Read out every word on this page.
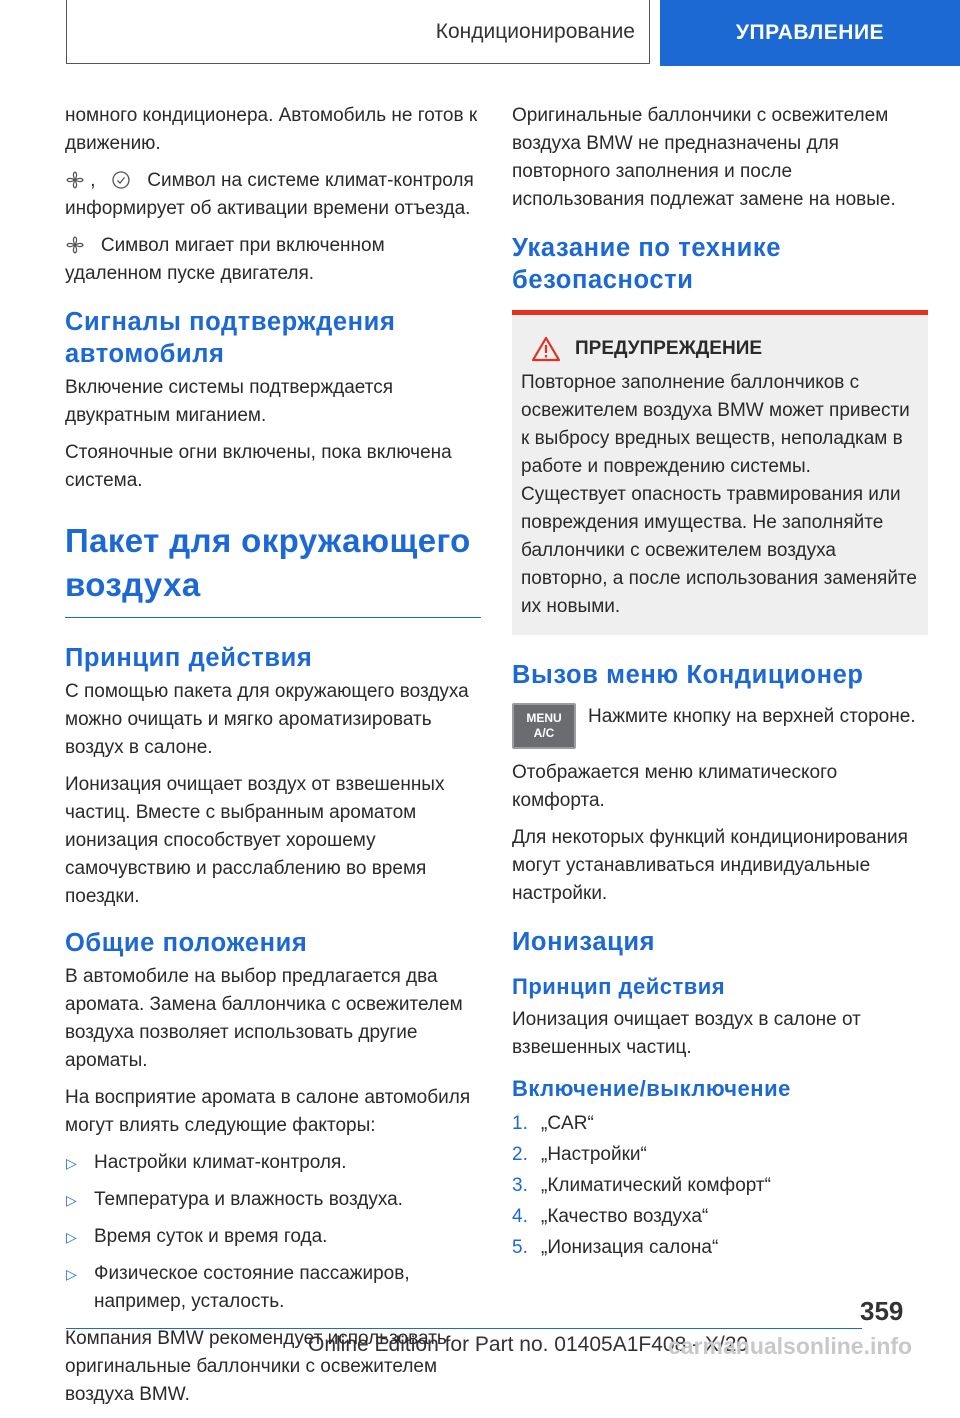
Кондиционирование	УПРАВЛЕНИЕ

номного кондиционера. Автомобиль не готов к движению.

,	Символ на системе климат-контроля информирует об активации времени отъезда.

Символ мигает при включенном удаленном пуске двигателя.

Сигналы подтверждения автомобиля

Включение системы подтверждается двукратным миганием.

Стояночные огни включены, пока включена система.

Пакет для окружающего воздуха
Принцип действия

С помощью пакета для окружающего воздуха можно очищать и мягко ароматизировать воздух в салоне.

Ионизация очищает воздух от взвешенных частиц. Вместе с выбранным ароматом ионизация способствует хорошему самочувствию и расслаблению во время поездки.

Общие положения

В автомобиле на выбор предлагается два аромата. Замена баллончика с освежителем воздуха позволяет использовать другие ароматы.

На восприятие аромата в салоне автомобиля могут влиять следующие факторы:

▷ Настройки климат-контроля.
▷ Температура и влажность воздуха.
▷ Время суток и время года.
▷ Физическое состояние пассажиров, например, усталость.

Компания BMW рекомендует использовать оригинальные баллончики с освежителем воздуха BMW.

Оригинальные баллончики с освежителем воздуха BMW не предназначены для повторного заполнения и после использования подлежат замене на новые.

Указание по технике безопасности
ПРЕДУПРЕЖДЕНИЕ

Повторное заполнение баллончиков с освежителем воздуха BMW может привести к выбросу вредных веществ, неполадкам в работе и повреждению системы. Существует опасность травмирования или повреждения имущества. Не заполняйте баллончики с освежителем воздуха повторно, а после использования заменяйте их новыми.

Вызов меню Кондиционер
MENU
A/C
Нажмите кнопку на верхней стороне.

Отображается меню климатического комфорта.

Для некоторых функций кондиционирования могут устанавливаться индивидуальные настройки.

Ионизация
Принцип действия

Ионизация очищает воздух в салоне от взвешенных частиц.

Включение/выключение
1. „CAR“
2. „Настройки“
3. „Климатический комфорт“
4. „Качество воздуха“
5. „Ионизация салона“
359
Online Edition for Part no. 01405A1F408 - X/20
carmanualsonline.info
